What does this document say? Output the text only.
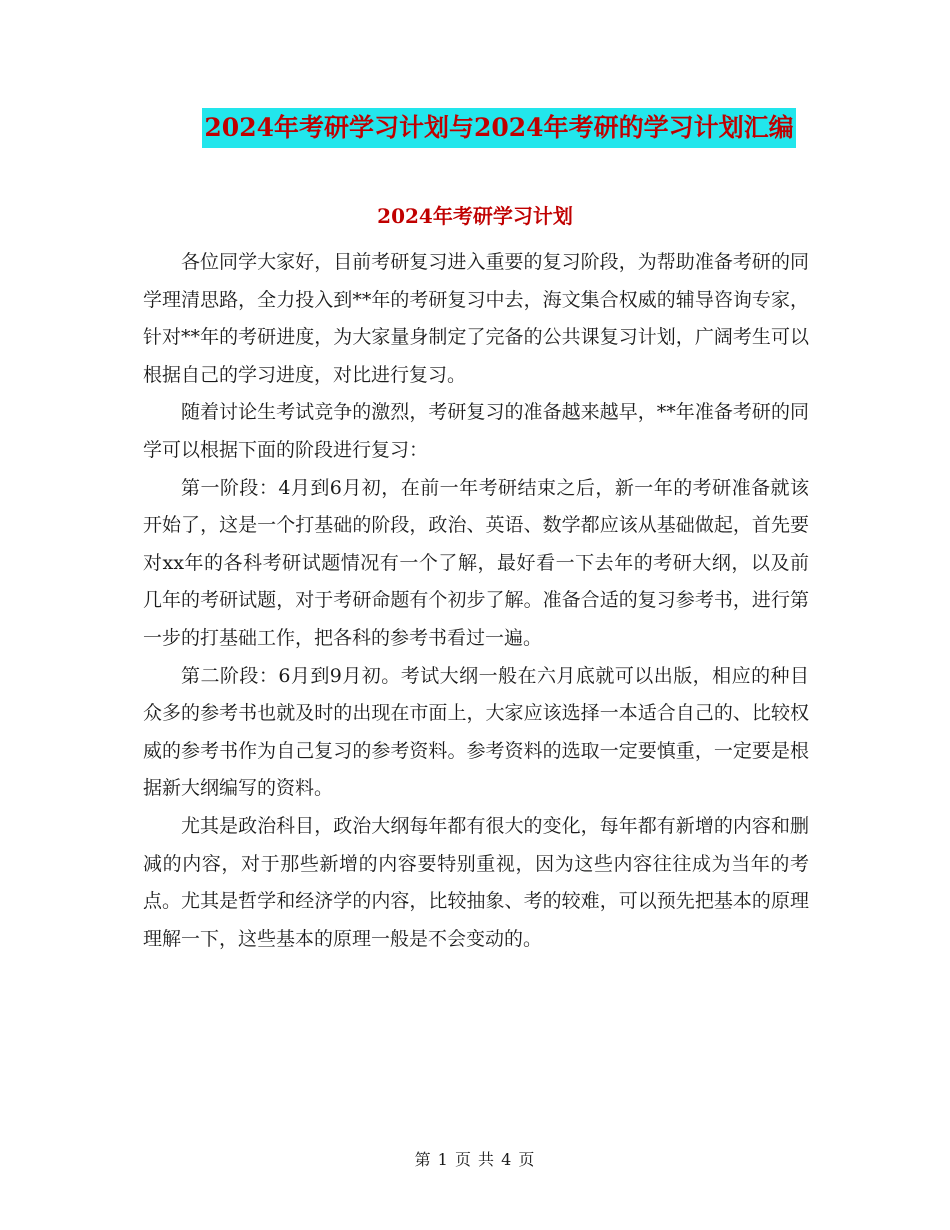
2024年考研学习计划与2024年考研的学习计划汇编
2024年考研学习计划

各位同学大家好，目前考研复习进入重要的复习阶段，为帮助准备考研的同学理清思路，全力投入到**年的考研复习中去，海文集合权威的辅导咨询专家，针对**年的考研进度，为大家量身制定了完备的公共课复习计划，广阔考生可以根据自己的学习进度，对比进行复习。

随着讨论生考试竞争的激烈，考研复习的准备越来越早，**年准备考研的同学可以根据下面的阶段进行复习：

第一阶段：4月到6月初，在前一年考研结束之后，新一年的考研准备就该开始了，这是一个打基础的阶段，政治、英语、数学都应该从基础做起，首先要对xx年的各科考研试题情况有一个了解，最好看一下去年的考研大纲，以及前几年的考研试题，对于考研命题有个初步了解。准备合适的复习参考书，进行第一步的打基础工作，把各科的参考书看过一遍。

第二阶段：6月到9月初。考试大纲一般在六月底就可以出版，相应的种目众多的参考书也就及时的出现在市面上，大家应该选择一本适合自己的、比较权威的参考书作为自己复习的参考资料。参考资料的选取一定要慎重，一定要是根据新大纲编写的资料。

尤其是政治科目，政治大纲每年都有很大的变化，每年都有新增的内容和删减的内容，对于那些新增的内容要特别重视，因为这些内容往往成为当年的考点。尤其是哲学和经济学的内容，比较抽象、考的较难，可以预先把基本的原理理解一下，这些基本的原理一般是不会变动的。

第 1 页 共 4 页
